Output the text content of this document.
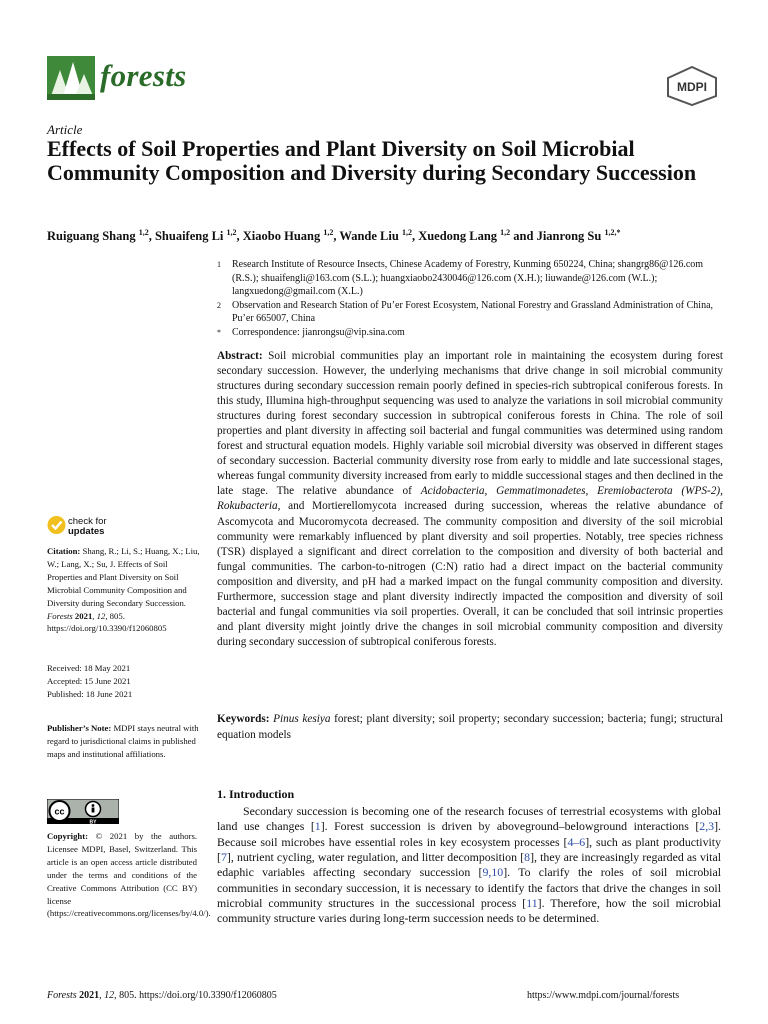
forests	MDPI
Article
Effects of Soil Properties and Plant Diversity on Soil Microbial Community Composition and Diversity during Secondary Succession
Ruiguang Shang $^{1,2}$, Shuaifeng Li $^{1,2}$, Xiaobo Huang $^{1,2}$, Wande Liu $^{1,2}$, Xuedong Lang $^{1,2}$ and Jianrong Su $^{1,2,*}$
1	Research Institute of Resource Insects, Chinese Academy of Forestry, Kunming 650224, China; shangrg86@126.com (R.S.); shuaifengli@163.com (S.L.); huangxiaobo2430046@126.com (X.H.); liuwande@126.com (W.L.); langxuedong@gmail.com (X.L.)
2	Observation and Research Station of Pu’er Forest Ecosystem, National Forestry and Grassland Administration of China, Pu’er 665007, China
*	Correspondence: jianrongsu@vip.sina.com
Abstract: Soil microbial communities play an important role in maintaining the ecosystem during forest secondary succession. However, the underlying mechanisms that drive change in soil microbial community structures during secondary succession remain poorly defined in species-rich subtropical coniferous forests. In this study, Illumina high-throughput sequencing was used to analyze the variations in soil microbial community structures during forest secondary succession in subtropical coniferous forests in China. The role of soil properties and plant diversity in affecting soil bacterial and fungal communities was determined using random forest and structural equation models. Highly variable soil microbial diversity was observed in different stages of secondary succession. Bacterial community diversity rose from early to middle and late successional stages, whereas fungal community diversity increased from early to middle successional stages and then declined in the late stage. The relative abundance of Acidobacteria, Gemmatimonadetes, Eremiobacterota (WPS-2), Rokubacteria, and Mortierellomycota increased during succession, whereas the relative abundance of Ascomycota and Mucoromycota decreased. The community composition and diversity of the soil microbial community were remarkably influenced by plant diversity and soil properties. Notably, tree species richness (TSR) displayed a significant and direct correlation to the composition and diversity of both bacterial and fungal communities. The carbon-to-nitrogen (C:N) ratio had a direct impact on the bacterial community composition and diversity, and pH had a marked impact on the fungal community composition and diversity. Furthermore, succession stage and plant diversity indirectly impacted the composition and diversity of soil bacterial and fungal communities via soil properties. Overall, it can be concluded that soil intrinsic properties and plant diversity might jointly drive the changes in soil microbial community composition and diversity during secondary succession of subtropical coniferous forests.
Keywords: Pinus kesiya forest; plant diversity; soil property; secondary succession; bacteria; fungi; structural equation models
1. Introduction
Secondary succession is becoming one of the research focuses of terrestrial ecosystems with global land use changes [1]. Forest succession is driven by aboveground–belowground interactions [2,3]. Because soil microbes have essential roles in key ecosystem processes [4–6], such as plant productivity [7], nutrient cycling, water regulation, and litter decomposition [8], they are increasingly regarded as vital edaphic variables affecting secondary succession [9,10]. To clarify the roles of soil microbial communities in secondary succession, it is necessary to identify the factors that drive the changes in soil microbial community structures in the successional process [11]. Therefore, how the soil microbial community structure varies during long-term succession needs to be determined.
check for
updates
Citation: Shang, R.; Li, S.; Huang, X.; Liu, W.; Lang, X.; Su, J. Effects of Soil Properties and Plant Diversity on Soil Microbial Community Composition and Diversity during Secondary Succession. Forests 2021, 12, 805. https://doi.org/10.3390/f12060805
Received: 18 May 2021
Accepted: 15 June 2021
Published: 18 June 2021
Publisher’s Note: MDPI stays neutral with regard to jurisdictional claims in published maps and institutional affiliations.
cc
BY
Copyright: © 2021 by the authors. Licensee MDPI, Basel, Switzerland. This article is an open access article distributed under the terms and conditions of the Creative Commons Attribution (CC BY) license (https://creativecommons.org/licenses/by/4.0/).
Forests 2021, 12, 805. https://doi.org/10.3390/f12060805	https://www.mdpi.com/journal/forests
